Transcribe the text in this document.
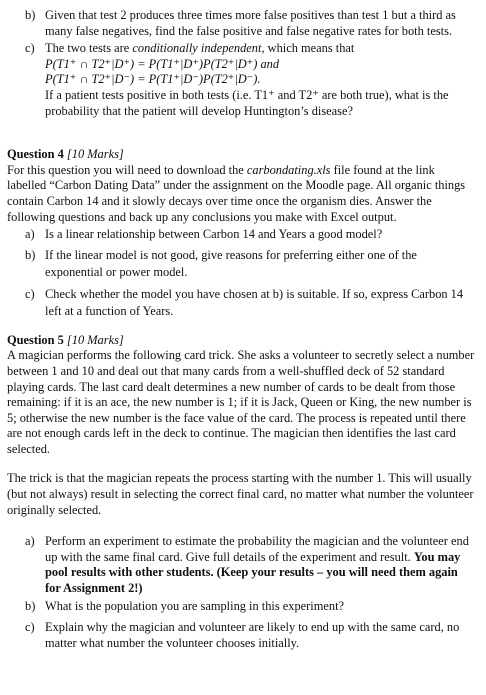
b) Given that test 2 produces three times more false positives than test 1 but a third as many false negatives, find the false positive and false negative rates for both tests.
c) The two tests are conditionally independent, which means that
P(T1⁺ ∩ T2⁺|D⁺) = P(T1⁺|D⁺)P(T2⁺|D⁺) and
P(T1⁺ ∩ T2⁺|D⁻) = P(T1⁺|D⁻)P(T2⁺|D⁻).
If a patient tests positive in both tests (i.e. T1⁺ and T2⁺ are both true), what is the probability that the patient will develop Huntington’s disease?
Question 4 [10 Marks]
For this question you will need to download the carbondating.xls file found at the link labelled “Carbon Dating Data” under the assignment on the Moodle page. All organic things contain Carbon 14 and it slowly decays over time once the organism dies. Answer the following questions and back up any conclusions you make with Excel output.
a) Is a linear relationship between Carbon 14 and Years a good model?
b) If the linear model is not good, give reasons for preferring either one of the exponential or power model.
c) Check whether the model you have chosen at b) is suitable. If so, express Carbon 14 left at a function of Years.
Question 5 [10 Marks]
A magician performs the following card trick. She asks a volunteer to secretly select a number between 1 and 10 and deal out that many cards from a well-shuffled deck of 52 standard playing cards. The last card dealt determines a new number of cards to be dealt from those remaining: if it is an ace, the new number is 1; if it is Jack, Queen or King, the new number is 5; otherwise the new number is the face value of the card. The process is repeated until there are not enough cards left in the deck to continue. The magician then identifies the last card selected.
The trick is that the magician repeats the process starting with the number 1. This will usually (but not always) result in selecting the correct final card, no matter what number the volunteer originally selected.
a) Perform an experiment to estimate the probability the magician and the volunteer end up with the same final card. Give full details of the experiment and result. You may pool results with other students. (Keep your results – you will need them again for Assignment 2!)
b) What is the population you are sampling in this experiment?
c) Explain why the magician and volunteer are likely to end up with the same card, no matter what number the volunteer chooses initially.
